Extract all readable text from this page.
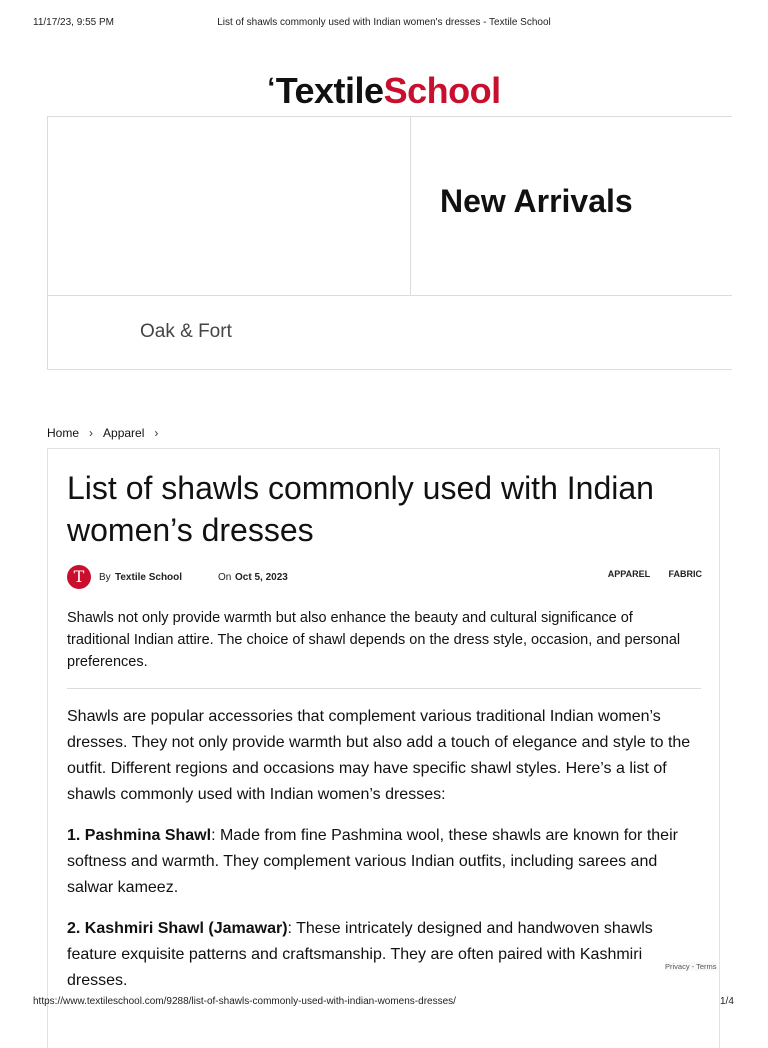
11/17/23, 9:55 PM	List of shawls commonly used with Indian women's dresses - Textile School
ʻTextileSchool
New Arrivals
Oak & Fort
Home › Apparel ›
List of shawls commonly used with Indian women’s dresses
T	By Textile School	On Oct 5, 2023	APPAREL FABRIC

Shawls not only provide warmth but also enhance the beauty and cultural significance of traditional Indian attire. The choice of shawl depends on the dress style, occasion, and personal preferences.

Shawls are popular accessories that complement various traditional Indian women’s dresses. They not only provide warmth but also add a touch of elegance and style to the outfit. Different regions and occasions may have specific shawl styles. Here’s a list of shawls commonly used with Indian women’s dresses:

1. Pashmina Shawl: Made from fine Pashmina wool, these shawls are known for their softness and warmth. They complement various Indian outfits, including sarees and salwar kameez.

2. Kashmiri Shawl (Jamawar): These intricately designed and handwoven shawls feature exquisite patterns and craftsmanship. They are often paired with Kashmiri dresses.

Privacy - Terms
https://www.textileschool.com/9288/list-of-shawls-commonly-used-with-indian-womens-dresses/	1/4
